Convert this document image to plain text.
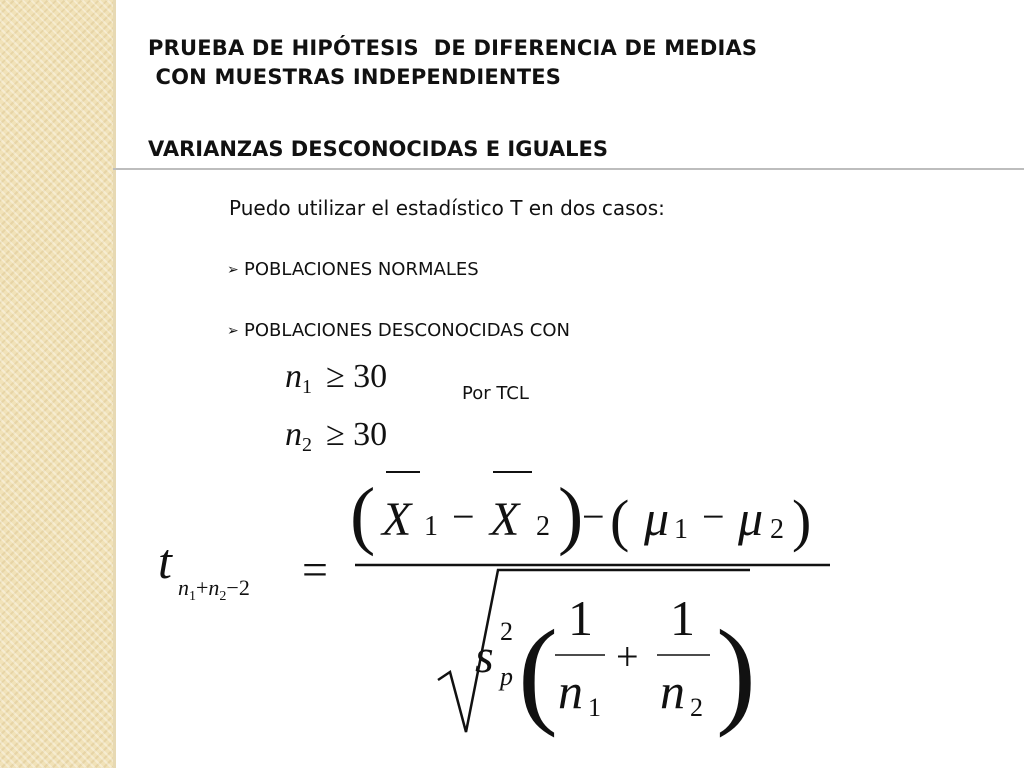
PRUEBA DE HIPÓTESIS  DE DIFERENCIA DE MEDIAS
CON MUESTRAS INDEPENDIENTES
VARIANZAS DESCONOCIDAS E IGUALES
Puedo utilizar el estadístico T en dos casos:
➢ POBLACIONES NORMALES
➢ POBLACIONES DESCONOCIDAS CON
$n_1 \ge 30$
$n_2 \ge 30$
Por TCL
t $n_1+n_2-2$ =
( X 1 − X 2 )
− ( μ 1 − μ 2 )
s 2
p ( 1
n 1
+
1
n 2 )
